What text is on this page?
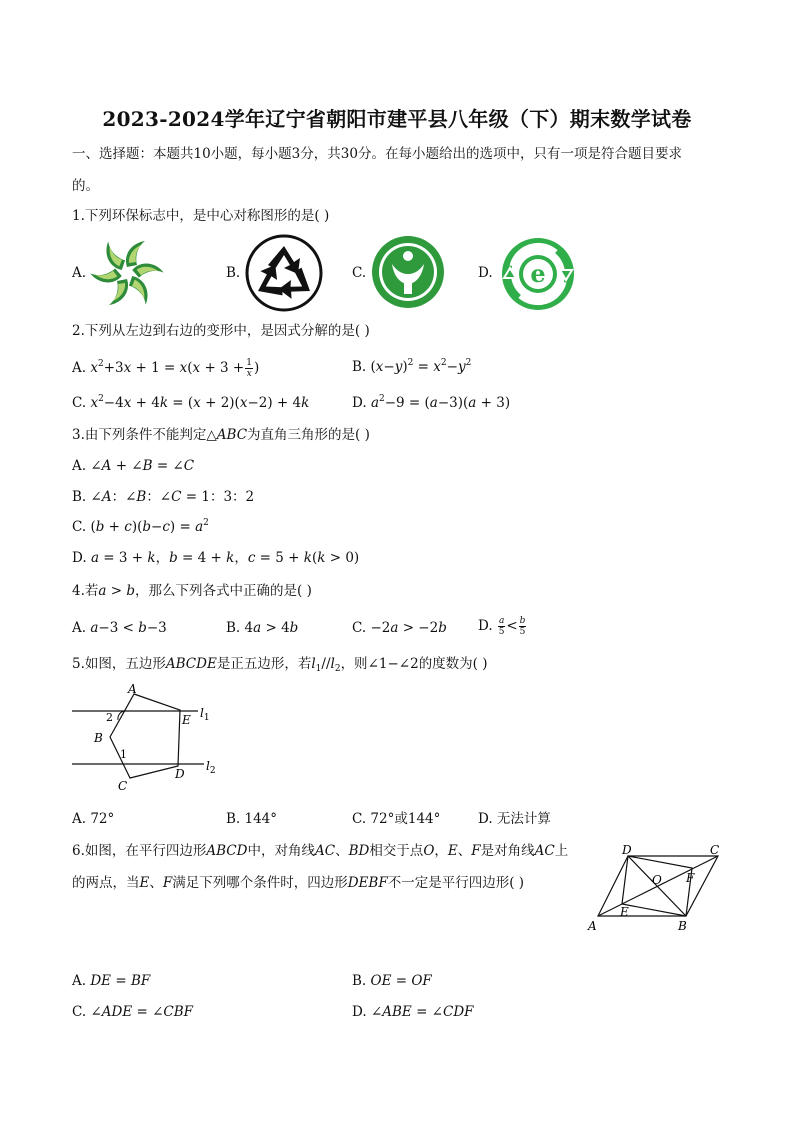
2023-2024学年辽宁省朝阳市建平县八年级（下）期末数学试卷
一、选择题：本题共10小题，每小题3分，共30分。在每小题给出的选项中，只有一项是符合题目要求
的。
1.下列环保标志中，是中心对称图形的是( )
A.	B.	C.	D. e
2.下列从左边到右边的变形中，是因式分解的是( )
A. $x^2+3x + 1 = x(x + 3 + \frac{1}{x}$ )	B. $(x-y)^2 = x^2-y^2$
C. $x^2-4x + 4k = (x + 2)(x-2) + 4k$	D. $a^2-9 = (a-3)(a + 3)$
3.由下列条件不能判定△ABC为直角三角形的是( )
A. ∠A + ∠B = ∠C
B. ∠A：∠B：∠C = 1：3：2
C. $(b + c)(b-c) = a^2$
D. a = 3 + k，b = 4 + k，c = 5 + k(k > 0)
4.若a > b，那么下列各式中正确的是( )
A. a−3 < b−3	B. 4a > 4b	C. −2a > −2b D. $\frac{a}{5} < \frac{b}{5}$
5.如图，五边形ABCDE是正五边形，若$l_1//l_2$，则∠1−∠2的度数为( )
A
E
B
C
D
2
1
$l_1$
$l_2$
A. 72°	B. 144°	C. 72°或144°	D. 无法计算
6.如图，在平行四边形ABCD中，对角线AC、BD相交于点O，E、F是对角线AC上
的两点，当E、F满足下列哪个条件时，四边形DEBF不一定是平行四边形( )
D	C
A	B
O F
E
A. DE = BF	B. OE = OF
C. ∠ADE = ∠CBF	D. ∠ABE = ∠CDF
